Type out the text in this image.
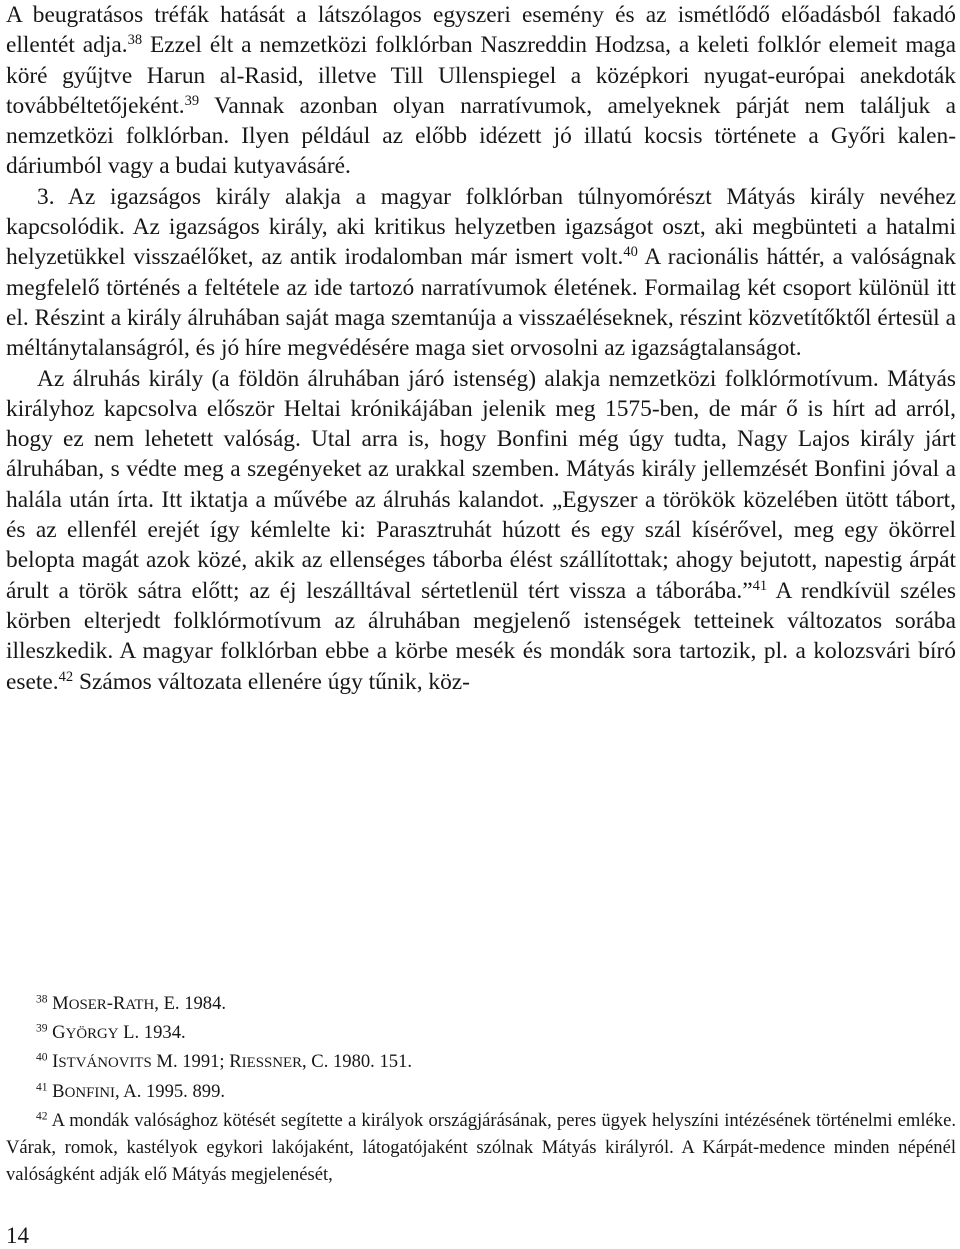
A beugratásos tréfák hatását a látszólagos egyszeri esemény és az ismétlődő előadásból fakadó ellentét adja.$^{38}$ Ezzel élt a nemzetközi folklórban Naszreddin Hodzsa, a keleti folklór elemeit maga köré gyűjtve Harun al-Rasid, illetve Till Ullenspiegel a középkori nyugat-európai anekdoták továbbéltetőjeként.$^{39}$ Vannak azonban olyan narratívumok, amelyeknek párját nem találjuk a nemzetközi folklórban. Ilyen például az előbb idézett jó illatú kocsis története a Győri kalendáriumból vagy a budai kutyavásáré.

3. Az igazságos király alakja a magyar folklórban túlnyomórészt Mátyás király nevéhez kapcsolódik. Az igazságos király, aki kritikus helyzetben igazságot oszt, aki megbünteti a hatalmi helyzetükkel visszaélőket, az antik irodalomban már ismert volt.$^{40}$ A racionális háttér, a valóságnak megfelelő történés a feltétele az ide tartozó narratívumok életének. Formailag két csoport különül itt el. Részint a király álruhában saját maga szemtanúja a visszaéléseknek, részint közvetítőktől értesül a méltánytalanságról, és jó híre megvédésére maga siet orvosolni az igazságtalanságot.

Az álruhás király (a földön álruhában járó istenség) alakja nemzetközi folklórmotívum. Mátyás királyhoz kapcsolva először Heltai krónikájában jelenik meg 1575-ben, de már ő is hírt ad arról, hogy ez nem lehetett valóság. Utal arra is, hogy Bonfini még úgy tudta, Nagy Lajos király járt álruhában, s védte meg a szegényeket az urakkal szemben. Mátyás király jellemzését Bonfini jóval a halála után írta. Itt iktatja a művébe az álruhás kalandot. „Egyszer a törökök közelében ütött tábort, és az ellenfél erejét így kémlelte ki: Parasztruhát húzott és egy szál kísérővel, meg egy ökörrel belopta magát azok közé, akik az ellenséges táborba élést szállítottak; ahogy bejutott, napestig árpát árult a török sátra előtt; az éj leszálltával sértetlenül tért vissza a táborába.”$^{41}$ A rendkívül széles körben elterjedt folklórmotívum az álruhában megjelenő istenségek tetteinek változatos sorába illeszkedik. A magyar folklórban ebbe a körbe mesék és mondák sora tartozik, pl. a kolozsvári bíró esete.$^{42}$ Számos változata ellenére úgy tűnik, köz-

$^{38}$ MOSER-RATH, E. 1984.

$^{39}$ GYÖRGY L. 1934.

$^{40}$ ISTVÁNOVITS M. 1991; RIESSNER, C. 1980. 151.

$^{41}$ BONFINI, A. 1995. 899.

$^{42}$ A mondák valósághoz kötését segítette a királyok országjárásának, peres ügyek helyszíni intézésének történelmi emléke. Várak, romok, kastélyok egykori lakójaként, látogatójaként szólnak Mátyás királyról. A Kárpát-medence minden népénél valóságként adják elő Mátyás megjelenését,

14
